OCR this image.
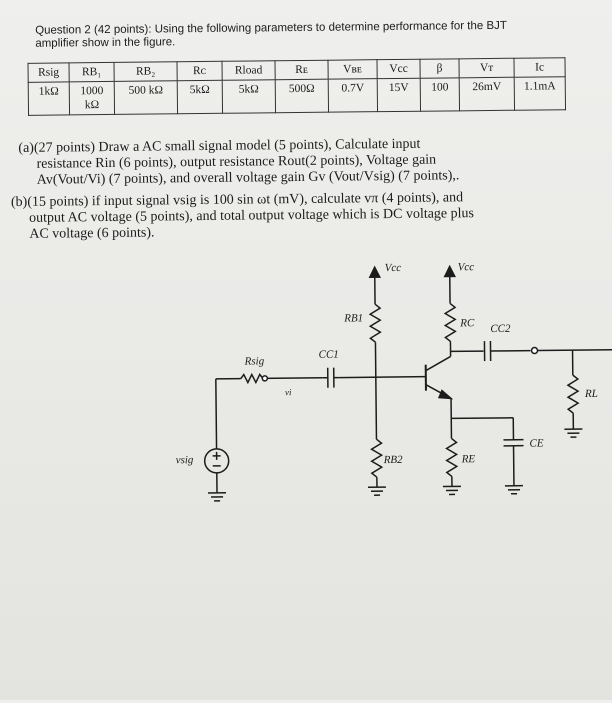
Question 2 (42 points): Using the following parameters to determine performance for the BJT
amplifier show in the figure.
Rsig	RB₁	RB₂	Rᴄ	Rload	Rᴇ	Vʙᴇ	Vcc	β	Vᴛ	Ic
1kΩ	1000 kΩ	500 kΩ	5kΩ	5kΩ	500Ω	0.7V	15V	100	26mV	1.1mA
(a)(27 points) Draw a AC small signal model (5 points), Calculate input
resistance Rin (6 points), output resistance Rout(2 points), Voltage gain
Av(Vout/Vi) (7 points), and overall voltage gain Gv (Vout/Vsig) (7 points),.
(b)(15 points) if input signal vsig is 100 sin ωt (mV), calculate vπ (4 points), and
output AC voltage (5 points), and total output voltage which is DC voltage plus
AC voltage (6 points).
Vcc	Vcc
RB1
RB2
RC
RE
CC1
CC2
CE
Rsig
RL
vsig
vi
